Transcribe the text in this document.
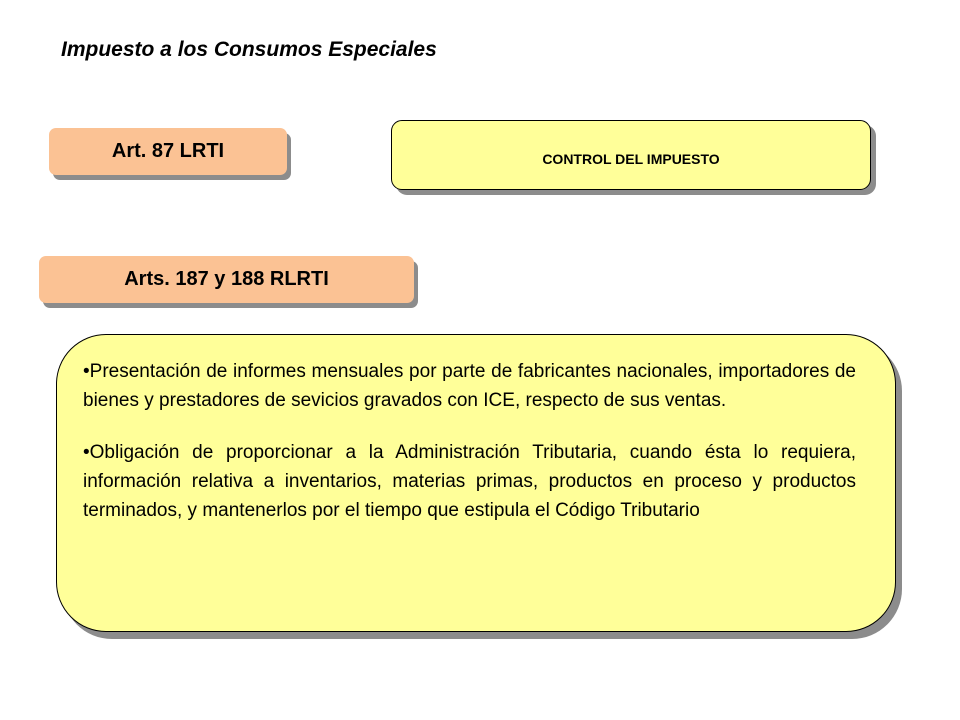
Impuesto a los Consumos Especiales
Art. 87 LRTI	CONTROL DEL IMPUESTO
Arts. 187 y 188 RLRTI
•Presentación de informes mensuales por parte de fabricantes nacionales, importadores de bienes y prestadores de sevicios gravados con ICE, respecto de sus ventas.
•Obligación de proporcionar a la Administración Tributaria, cuando ésta lo requiera, información relativa a inventarios, materias primas, productos en proceso y productos terminados, y mantenerlos por el tiempo que estipula el Código Tributario
